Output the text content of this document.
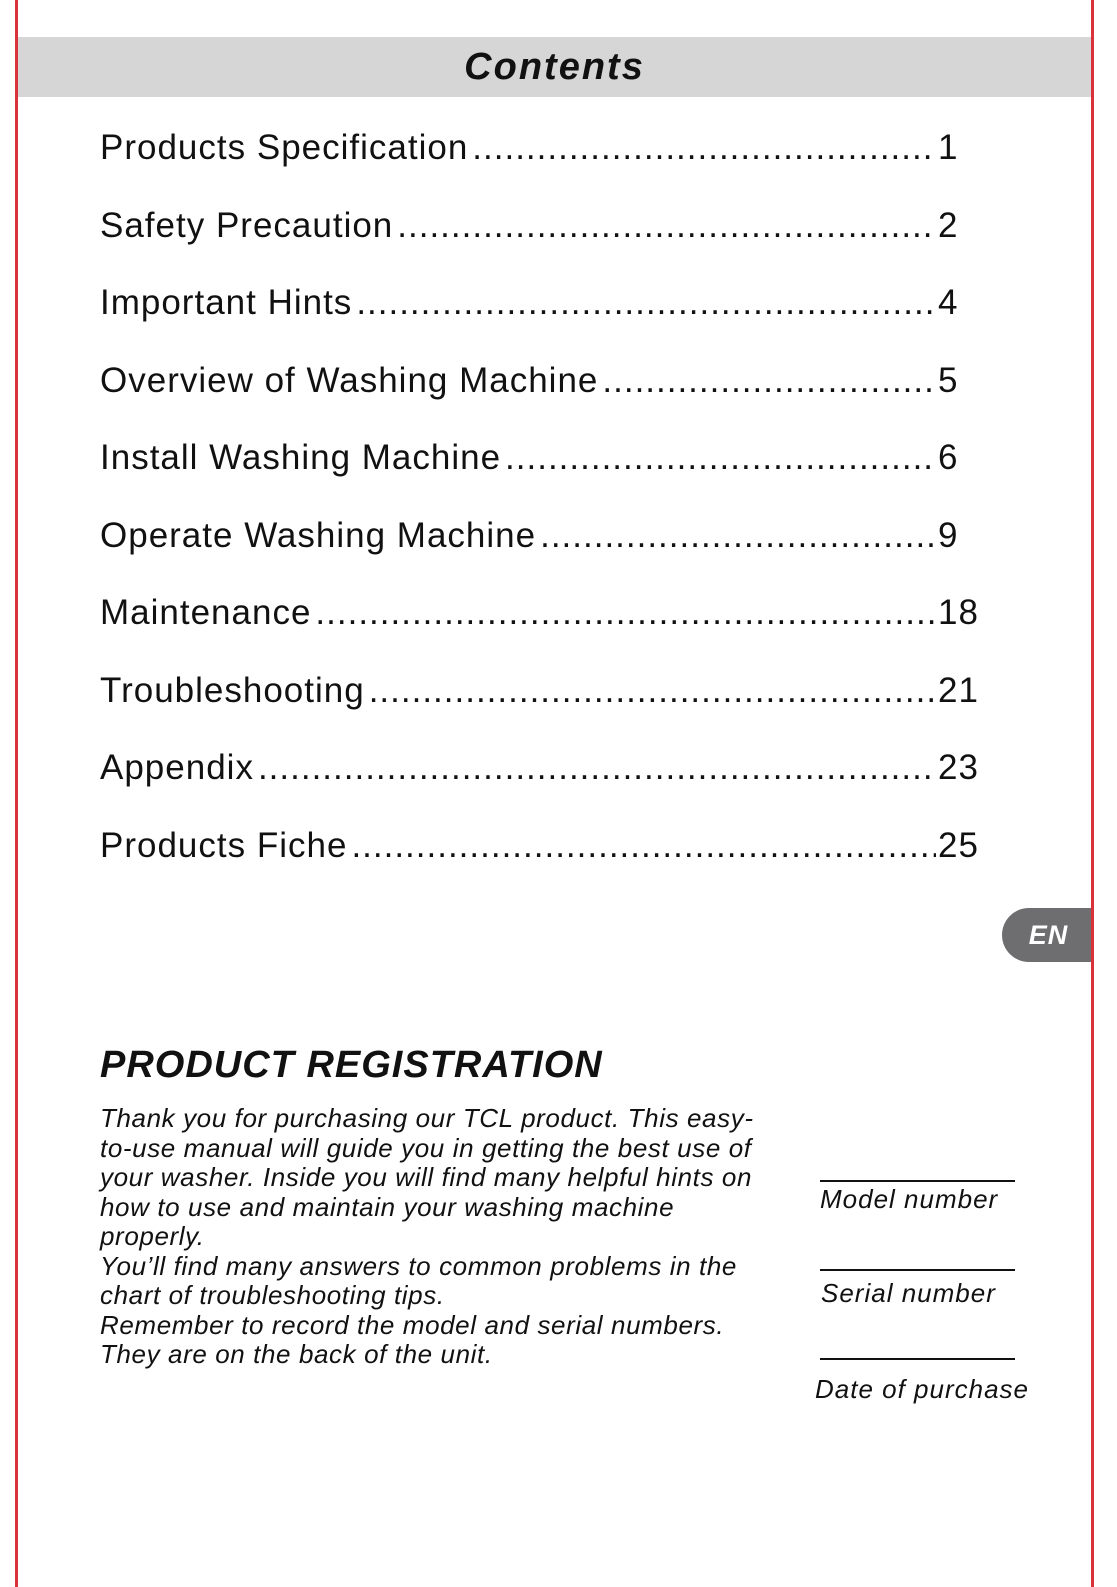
Contents
Products Specification .....	1
Safety Precaution .....	2
Important Hints .....	4
Overview of Washing Machine .....	5
Install Washing Machine .....	6
Operate Washing Machine .....	9
Maintenance .....	18
Troubleshooting .....	21
Appendix .....	23
Products Fiche .....	25
EN
PRODUCT REGISTRATION

Thank you for purchasing our TCL product. This easy-

to-use manual will guide you in getting the best use of

your washer. Inside you will find many helpful hints on

how to use and maintain your washing machine

properly.

You’ll find many answers to common problems in the

chart of troubleshooting tips.

Remember to record the model and serial numbers.

They are on the back of the unit.

Model number
Serial number
Date of purchase
